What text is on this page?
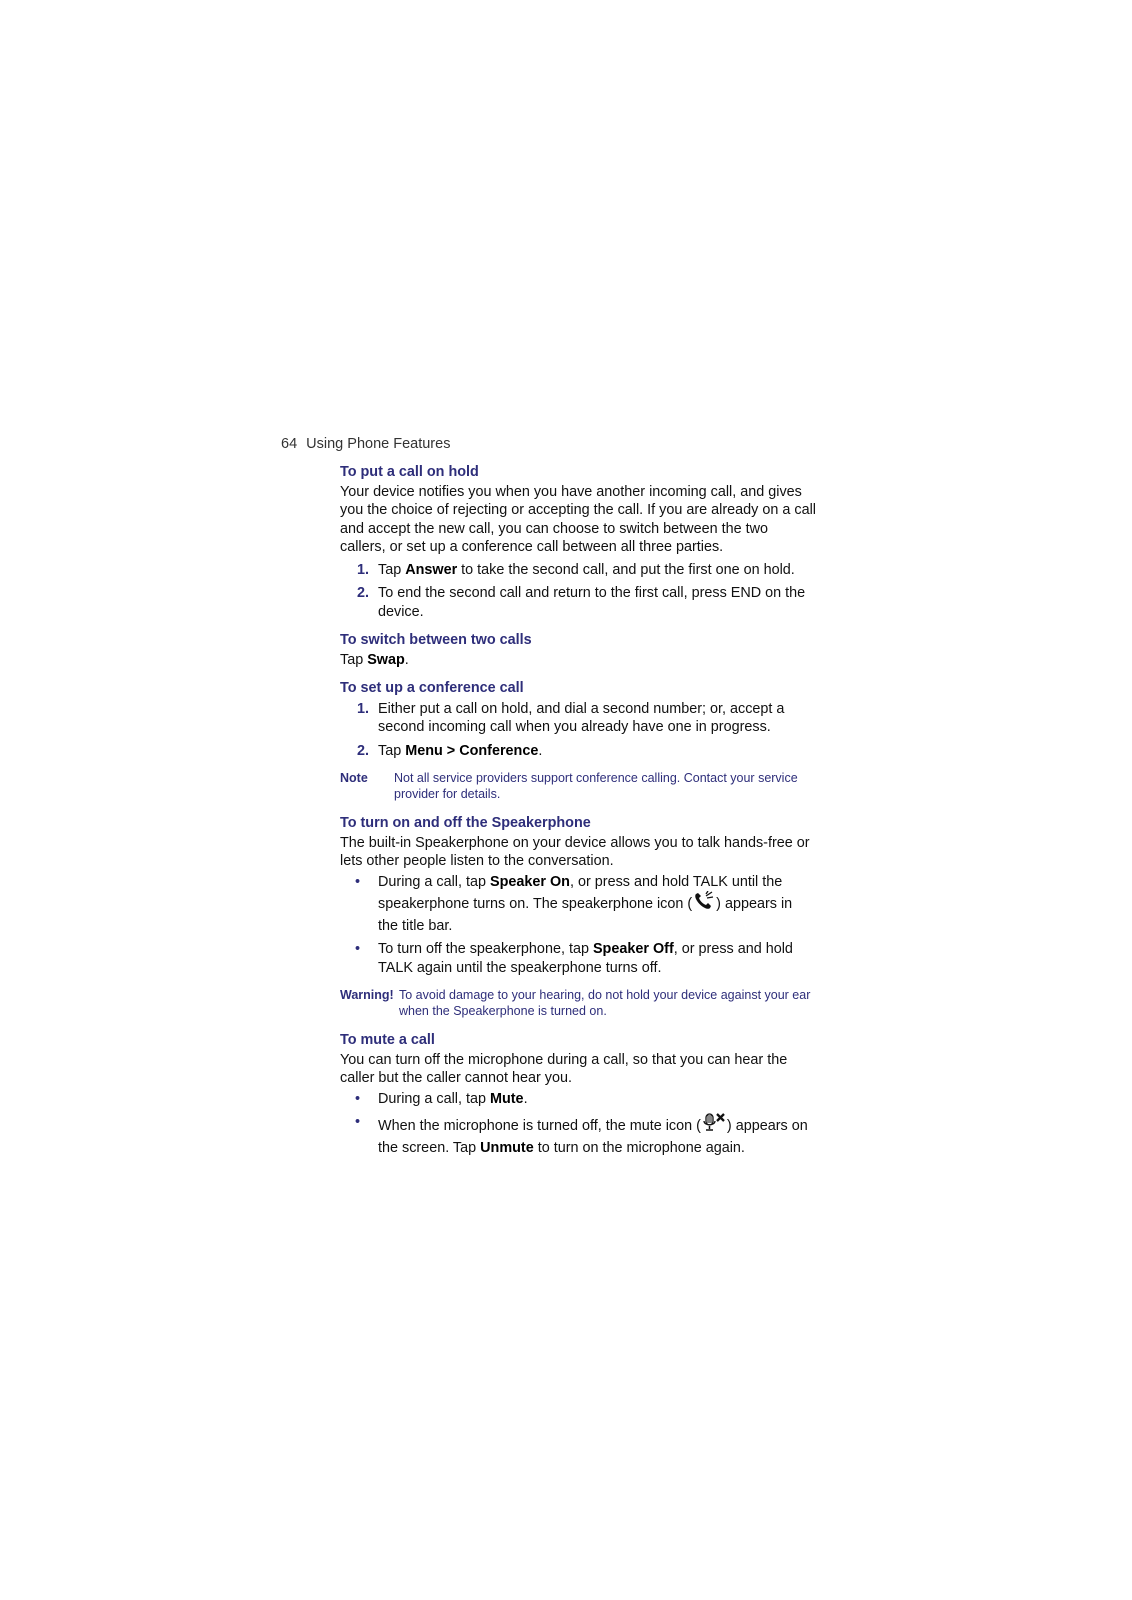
64 Using Phone Features
To put a call on hold

Your device notifies you when you have another incoming call, and gives you the choice of rejecting or accepting the call. If you are already on a call and accept the new call, you can choose to switch between the two callers, or set up a conference call between all three parties.

1. Tap Answer to take the second call, and put the first one on hold.
2. To end the second call and return to the first call, press END on the device.
To switch between two calls

Tap Swap.

To set up a conference call
1. Either put a call on hold, and dial a second number; or, accept a second incoming call when you already have one in progress.
2. Tap Menu > Conference.
Note	Not all service providers support conference calling. Contact your service provider for details.
To turn on and off the Speakerphone

The built-in Speakerphone on your device allows you to talk hands-free or lets other people listen to the conversation.

• During a call, tap Speaker On, or press and hold TALK until the speakerphone turns on. The speakerphone icon ( ) appears in the title bar.
• To turn off the speakerphone, tap Speaker Off, or press and hold TALK again until the speakerphone turns off.
Warning! To avoid damage to your hearing, do not hold your device against your ear when the Speakerphone is turned on.
To mute a call

You can turn off the microphone during a call, so that you can hear the caller but the caller cannot hear you.

• During a call, tap Mute.
• When the microphone is turned off, the mute icon ( ) appears on the screen. Tap Unmute to turn on the microphone again.
